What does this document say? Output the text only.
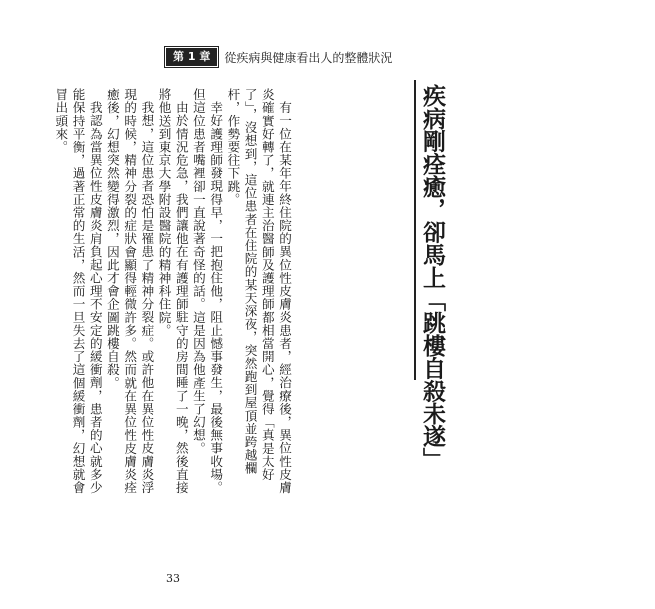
第 1 章	從疾病與健康看出人的整體狀況
疾病剛痊癒，卻馬上「跳樓自殺未遂」

有一位在某年年終住院的異位性皮膚炎患者，經治療後，異位性皮膚炎確實好轉了，就連主治醫師及護理師都相當開心，覺得「真是太好了」，沒想到，這位患者在住院的某天深夜，突然跑到屋頂並跨越欄杆，作勢要往下跳。

幸好護理師發現得早，一把抱住他，阻止憾事發生，最後無事收場。但這位患者嘴裡卻一直說著奇怪的話。這是因為他產生了幻想。

由於情況危急，我們讓他在有護理師駐守的房間睡了一晚，然後直接將他送到東京大學附設醫院的精神科住院。

我想，這位患者恐怕是罹患了精神分裂症。或許他在異位性皮膚炎浮現的時候，精神分裂的症狀會顯得輕微許多。然而就在異位性皮膚炎痊癒後，幻想突然變得激烈，因此才會企圖跳樓自殺。

我認為當異位性皮膚炎肩負起心理不安定的緩衝劑，患者的心就多少能保持平衡，過著正常的生活，然而一旦失去了這個緩衝劑，幻想就會冒出頭來。

33
